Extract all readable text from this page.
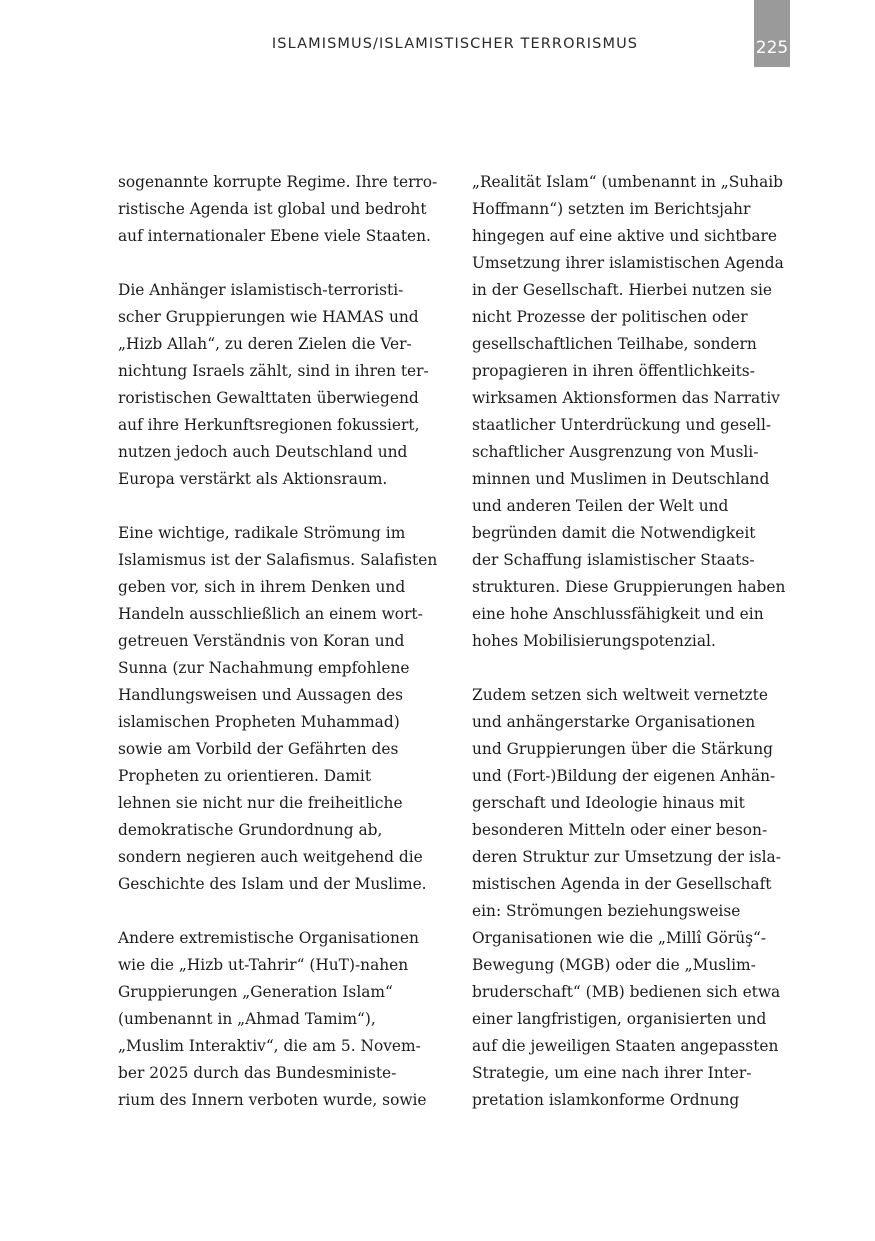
ISLAMISMUS/ISLAMISTISCHER TERRORISMUS	225
sogenannte korrupte Regime. Ihre terro-
ristische Agenda ist global und bedroht
auf internationaler Ebene viele Staaten.
Die Anhänger islamistisch-terroristi-
scher Gruppierungen wie HAMAS und
„Hizb Allah“, zu deren Zielen die Ver-
nichtung Israels zählt, sind in ihren ter-
roristischen Gewalttaten überwiegend
auf ihre Herkunftsregionen fokussiert,
nutzen jedoch auch Deutschland und
Europa verstärkt als Aktionsraum.
Eine wichtige, radikale Strömung im
Islamismus ist der Salafismus. Salafisten
geben vor, sich in ihrem Denken und
Handeln ausschließlich an einem wort-
getreuen Verständnis von Koran und
Sunna (zur Nachahmung empfohlene
Handlungsweisen und Aussagen des
islamischen Propheten Muhammad)
sowie am Vorbild der Gefährten des
Propheten zu orientieren. Damit
lehnen sie nicht nur die freiheitliche
demokratische Grundordnung ab,
sondern negieren auch weitgehend die
Geschichte des Islam und der Muslime.
Andere extremistische Organisationen
wie die „Hizb ut-Tahrir“ (HuT)-nahen
Gruppierungen „Generation Islam“
(umbenannt in „Ahmad Tamim“),
„Muslim Interaktiv“, die am 5. Novem-
ber 2025 durch das Bundesministe-
rium des Innern verboten wurde, sowie
„Realität Islam“ (umbenannt in „Suhaib
Hoffmann“) setzten im Berichtsjahr
hingegen auf eine aktive und sichtbare
Umsetzung ihrer islamistischen Agenda
in der Gesellschaft. Hierbei nutzen sie
nicht Prozesse der politischen oder
gesellschaftlichen Teilhabe, sondern
propagieren in ihren öffentlichkeits-
wirksamen Aktionsformen das Narrativ
staatlicher Unterdrückung und gesell-
schaftlicher Ausgrenzung von Musli-
minnen und Muslimen in Deutschland
und anderen Teilen der Welt und
begründen damit die Notwendigkeit
der Schaffung islamistischer Staats-
strukturen. Diese Gruppierungen haben
eine hohe Anschlussfähigkeit und ein
hohes Mobilisierungspotenzial.
Zudem setzen sich weltweit vernetzte
und anhängerstarke Organisationen
und Gruppierungen über die Stärkung
und (Fort-)Bildung der eigenen Anhän-
gerschaft und Ideologie hinaus mit
besonderen Mitteln oder einer beson-
deren Struktur zur Umsetzung der isla-
mistischen Agenda in der Gesellschaft
ein: Strömungen beziehungsweise
Organisationen wie die „Millî Görüş“-
Bewegung (MGB) oder die „Muslim-
bruderschaft“ (MB) bedienen sich etwa
einer langfristigen, organisierten und
auf die jeweiligen Staaten angepassten
Strategie, um eine nach ihrer Inter-
pretation islamkonforme Ordnung
